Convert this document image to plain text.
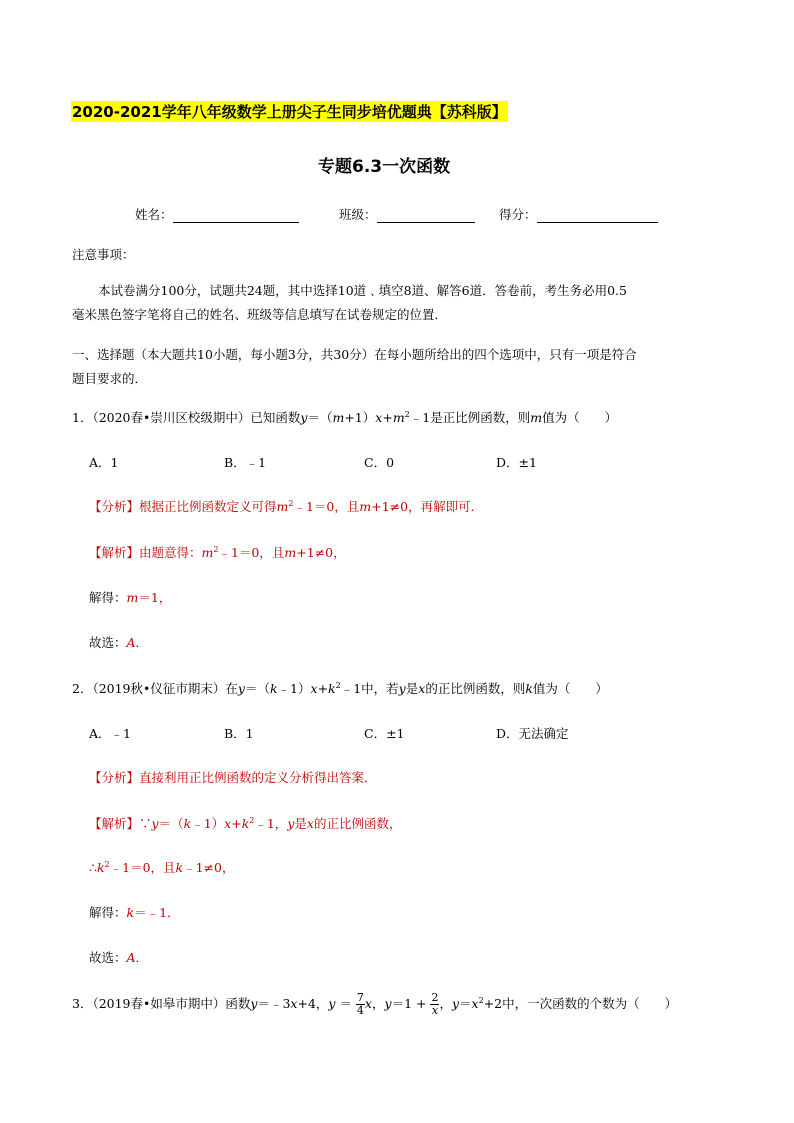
2020-2021学年八年级数学上册尖子生同步培优题典【苏科版】
专题6.3一次函数
姓名：	班级：	得分：
注意事项：
本试卷满分100分，试题共24题，其中选择10道﹑填空8道、解答6道．答卷前，考生务必用0.5
毫米黑色签字笔将自己的姓名、班级等信息填写在试卷规定的位置．
一、选择题（本大题共10小题，每小题3分，共30分）在每小题所给出的四个选项中，只有一项是符合
题目要求的．
1．（2020春•崇川区校级期中）已知函数$y=(m+1)x+m^2﹣1$是正比例函数，则m值为（　　）
A．1	B．﹣1	C．0	D．±1
【分析】根据正比例函数定义可得$m^2﹣1=0$，且m+1≠0，再解即可．
【解析】由题意得：$m^2﹣1=0$，且m+1≠0，
解得：m＝1，
故选：A．
2．（2019秋•仪征市期末）在$y=(k﹣1)x+k^2﹣1$中，若y是x的正比例函数，则k值为（　　）
A．﹣1	B．1	C．±1	D．无法确定
【分析】直接利用正比例函数的定义分析得出答案．
【解析】$\because y=(k﹣1)x+k^2﹣1$，y是x的正比例函数，
$\therefore k^2﹣1=0$，且k﹣1≠0，
解得：k＝﹣1．
故选：A．
3．（2019春•如皋市期中）函数y＝﹣3x+4，$y = \frac{7}{4}$ x，$y=1 + \frac{2}{x}$ ，$y=x^2+2$中，一次函数的个数为（　　）
